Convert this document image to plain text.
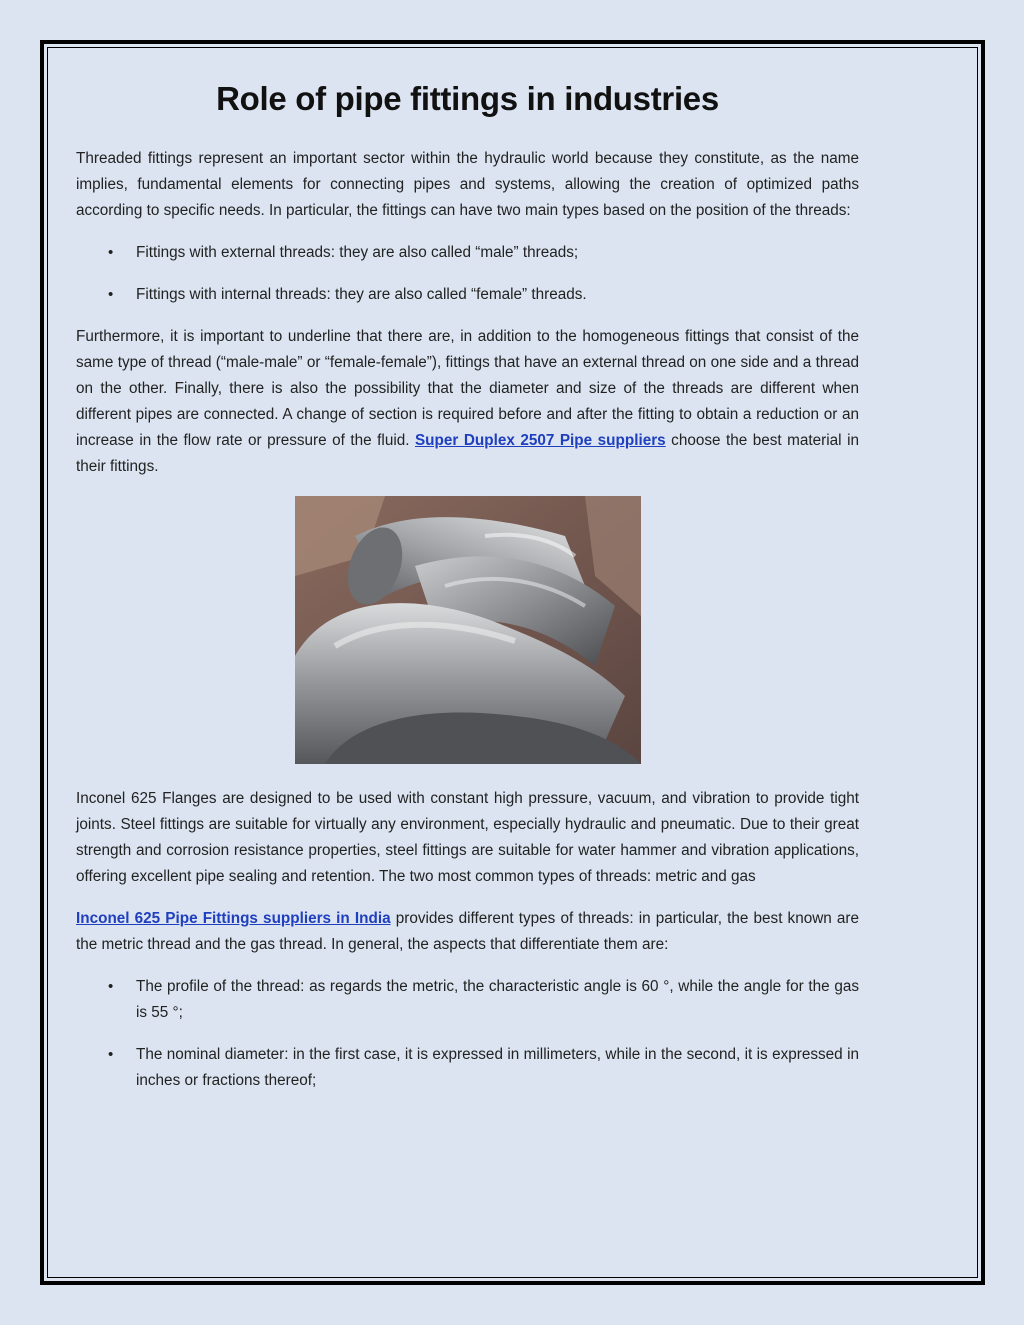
Role of pipe fittings in industries

Threaded fittings represent an important sector within the hydraulic world because they constitute, as the name implies, fundamental elements for connecting pipes and systems, allowing the creation of optimized paths according to specific needs. In particular, the fittings can have two main types based on the position of the threads:

• Fittings with external threads: they are also called “male” threads;
• Fittings with internal threads: they are also called “female” threads.

Furthermore, it is important to underline that there are, in addition to the homogeneous fittings that consist of the same type of thread (“male-male” or “female-female”), fittings that have an external thread on one side and a thread on the other. Finally, there is also the possibility that the diameter and size of the threads are different when different pipes are connected. A change of section is required before and after the fitting to obtain a reduction or an increase in the flow rate or pressure of the fluid. Super Duplex 2507 Pipe suppliers choose the best material in their fittings.

Inconel 625 Flanges are designed to be used with constant high pressure, vacuum, and vibration to provide tight joints. Steel fittings are suitable for virtually any environment, especially hydraulic and pneumatic. Due to their great strength and corrosion resistance properties, steel fittings are suitable for water hammer and vibration applications, offering excellent pipe sealing and retention. The two most common types of threads: metric and gas

Inconel 625 Pipe Fittings suppliers in India provides different types of threads: in particular, the best known are the metric thread and the gas thread. In general, the aspects that differentiate them are:

• The profile of the thread: as regards the metric, the characteristic angle is 60 °, while the angle for the gas is 55 °;
• The nominal diameter: in the first case, it is expressed in millimeters, while in the second, it is expressed in inches or fractions thereof;
